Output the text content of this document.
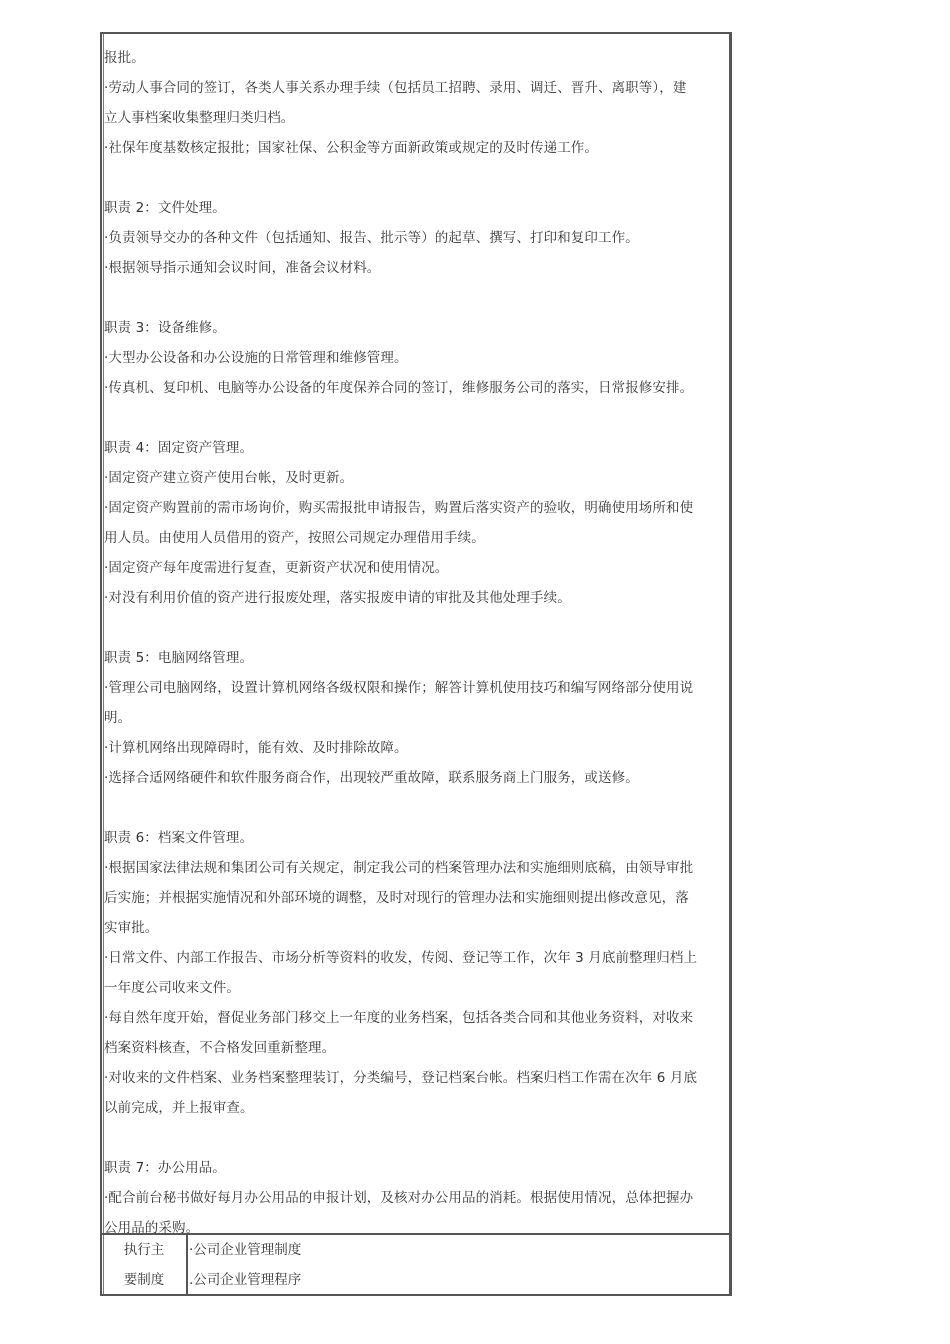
报批。
·劳动人事合同的签订，各类人事关系办理手续（包括员工招聘、录用、调迁、晋升、离职等），建
立人事档案收集整理归类归档。
·社保年度基数核定报批；国家社保、公积金等方面新政策或规定的及时传递工作。
职责 2：文件处理。
·负责领导交办的各种文件（包括通知、报告、批示等）的起草、撰写、打印和复印工作。
·根据领导指示通知会议时间，准备会议材料。
职责 3：设备维修。
·大型办公设备和办公设施的日常管理和维修管理。
·传真机、复印机、电脑等办公设备的年度保养合同的签订，维修服务公司的落实，日常报修安排。
职责 4：固定资产管理。
·固定资产建立资产使用台帐，及时更新。
·固定资产购置前的需市场询价，购买需报批申请报告，购置后落实资产的验收，明确使用场所和使
用人员。由使用人员借用的资产，按照公司规定办理借用手续。
·固定资产每年度需进行复查，更新资产状况和使用情况。
·对没有利用价值的资产进行报废处理，落实报废申请的审批及其他处理手续。
职责 5：电脑网络管理。
·管理公司电脑网络，设置计算机网络各级权限和操作；解答计算机使用技巧和编写网络部分使用说
明。
·计算机网络出现障碍时，能有效、及时排除故障。
·选择合适网络硬件和软件服务商合作，出现较严重故障，联系服务商上门服务，或送修。
职责 6：档案文件管理。
·根据国家法律法规和集团公司有关规定，制定我公司的档案管理办法和实施细则底稿，由领导审批
后实施；并根据实施情况和外部环境的调整，及时对现行的管理办法和实施细则提出修改意见，落
实审批。
·日常文件、内部工作报告、市场分析等资料的收发，传阅、登记等工作，次年 3 月底前整理归档上
一年度公司收来文件。
·每自然年度开始，督促业务部门移交上一年度的业务档案，包括各类合同和其他业务资料，对收来
档案资料核查，不合格发回重新整理。
·对收来的文件档案、业务档案整理装订，分类编号，登记档案台帐。档案归档工作需在次年 6 月底
以前完成，并上报审查。
职责 7：办公用品。
·配合前台秘书做好每月办公用品的申报计划，及核对办公用品的消耗。根据使用情况，总体把握办
公用品的采购。
执行主
要制度
·公司企业管理制度
.公司企业管理程序
